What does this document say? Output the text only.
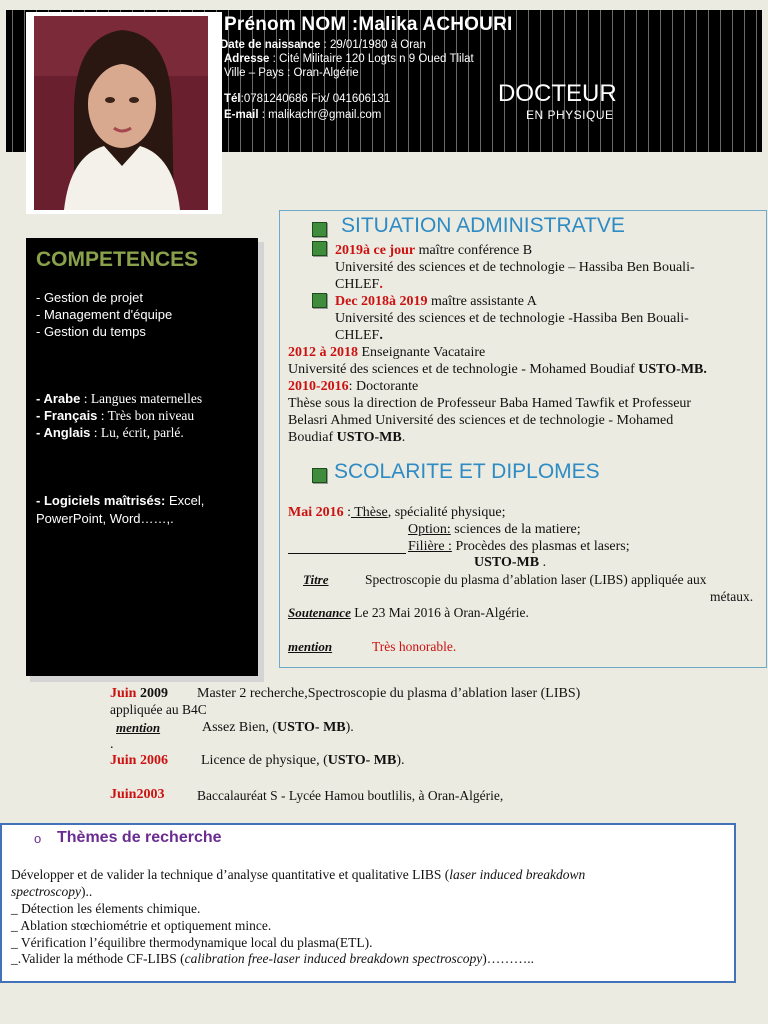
Prénom NOM :Malika ACHOURI
Date de naissance : 29/01/1980 à Oran
Adresse : Cité Militaire 120 Logts n 9 Oued Tlilat
Ville – Pays : Oran-Algérie
Tél:0781240686 Fix/ 041606131
E-mail : malikachr@gmail.com
DOCTEUR
EN PHYSIQUE
COMPETENCES
- Gestion de projet
- Management d'équipe
- Gestion du temps
- Arabe : Langues maternelles
- Français : Très bon niveau
- Anglais : Lu, écrit, parlé.
- Logiciels maîtrisés: Excel, PowerPoint, Word……,.
SITUATION ADMINISTRATVE
2019à ce jour maître conférence B
Université des sciences et de technologie – Hassiba Ben Bouali-
CHLEF.
Dec 2018à 2019 maître assistante A
Université des sciences et de technologie -Hassiba Ben Bouali-
CHLEF.
2012 à 2018 Enseignante Vacataire
Université des sciences et de technologie - Mohamed Boudiaf USTO-MB.
2010-2016: Doctorante
Thèse sous la direction de Professeur Baba Hamed Tawfik et Professeur
Belasri Ahmed Université des sciences et de technologie - Mohamed
Boudiaf USTO-MB.
SCOLARITE ET DIPLOMES
Mai 2016 : Thèse, spécialité physique;
Option: sciences de la matiere;
Filière : Procèdes des plasmas et lasers;
USTO-MB .
Titre	Spectroscopie du plasma d’ablation laser (LIBS) appliquée aux
métaux.
Soutenance Le 23 Mai 2016 à Oran-Algérie.
mention	Très honorable.
Juin 2009 Master 2 recherche,Spectroscopie du plasma d’ablation laser (LIBS)
appliquée au B4C
mention	Assez Bien, (USTO- MB).
.
Juin 2006 Licence de physique, (USTO- MB).
Juin2003 Baccalauréat S - Lycée Hamou boutlilis, à Oran-Algérie,
o Thèmes de recherche
Développer et de valider la technique d’analyse quantitative et qualitative LIBS (laser induced breakdown
spectroscopy)..
_ Détection les élements chimique.
_ Ablation stœchiométrie et optiquement mince.
_ Vérification l’équilibre thermodynamique local du plasma(ETL).
_.Valider la méthode CF-LIBS (calibration free-laser induced breakdown spectroscopy)………..
